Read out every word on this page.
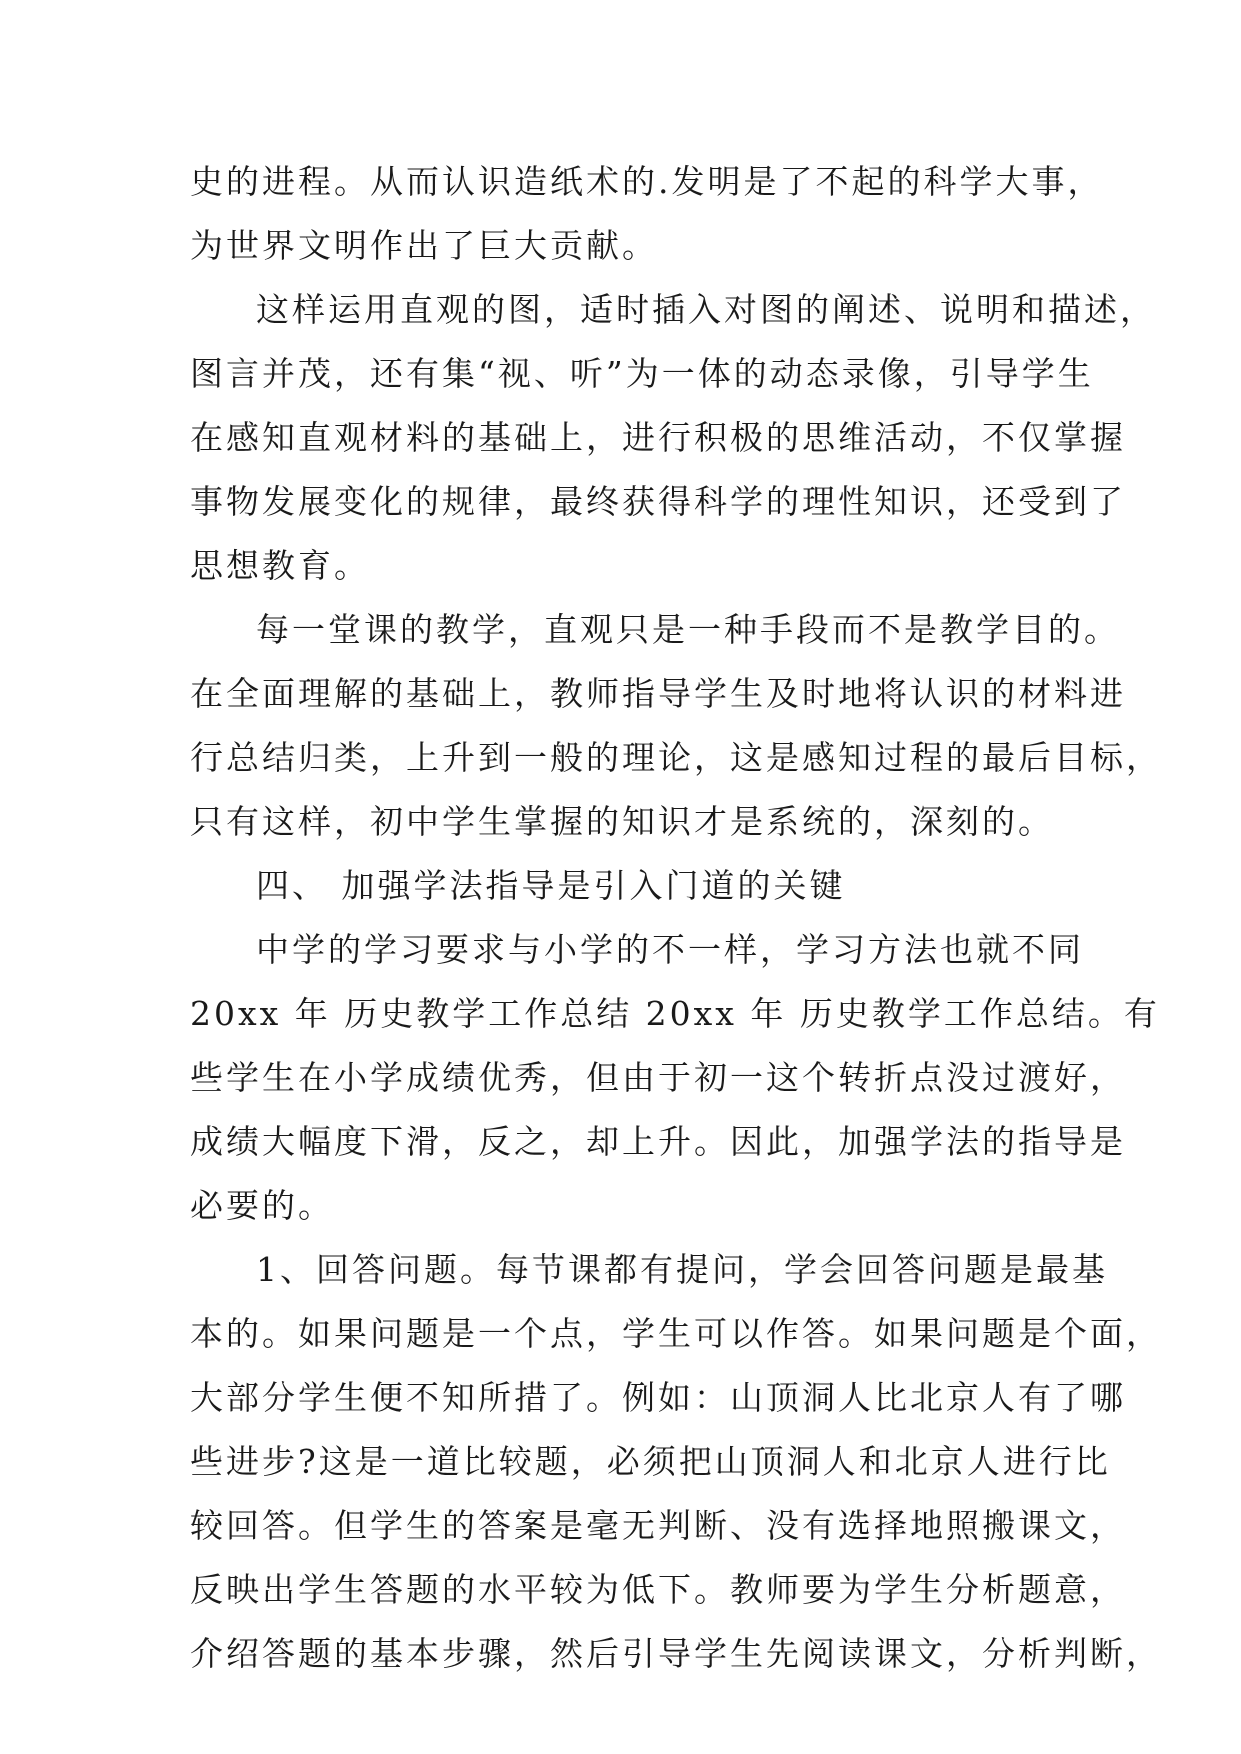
史的进程。从而认识造纸术的.发明是了不起的科学大事，
为世界文明作出了巨大贡献。
这样运用直观的图，适时插入对图的阐述、说明和描述，
图言并茂，还有集“视、听”为一体的动态录像，引导学生
在感知直观材料的基础上，进行积极的思维活动，不仅掌握
事物发展变化的规律，最终获得科学的理性知识，还受到了
思想教育。
每一堂课的教学，直观只是一种手段而不是教学目的。
在全面理解的基础上，教师指导学生及时地将认识的材料进
行总结归类，上升到一般的理论，这是感知过程的最后目标，
只有这样，初中学生掌握的知识才是系统的，深刻的。
四、 加强学法指导是引入门道的关键
中学的学习要求与小学的不一样，学习方法也就不同
20xx 年 历史教学工作总结 20xx 年 历史教学工作总结。有
些学生在小学成绩优秀，但由于初一这个转折点没过渡好，
成绩大幅度下滑，反之，却上升。因此，加强学法的指导是
必要的。
1、回答问题。每节课都有提问，学会回答问题是最基
本的。如果问题是一个点，学生可以作答。如果问题是个面，
大部分学生便不知所措了。例如：山顶洞人比北京人有了哪
些进步?这是一道比较题，必须把山顶洞人和北京人进行比
较回答。但学生的答案是毫无判断、没有选择地照搬课文，
反映出学生答题的水平较为低下。教师要为学生分析题意，
介绍答题的基本步骤，然后引导学生先阅读课文，分析判断，
